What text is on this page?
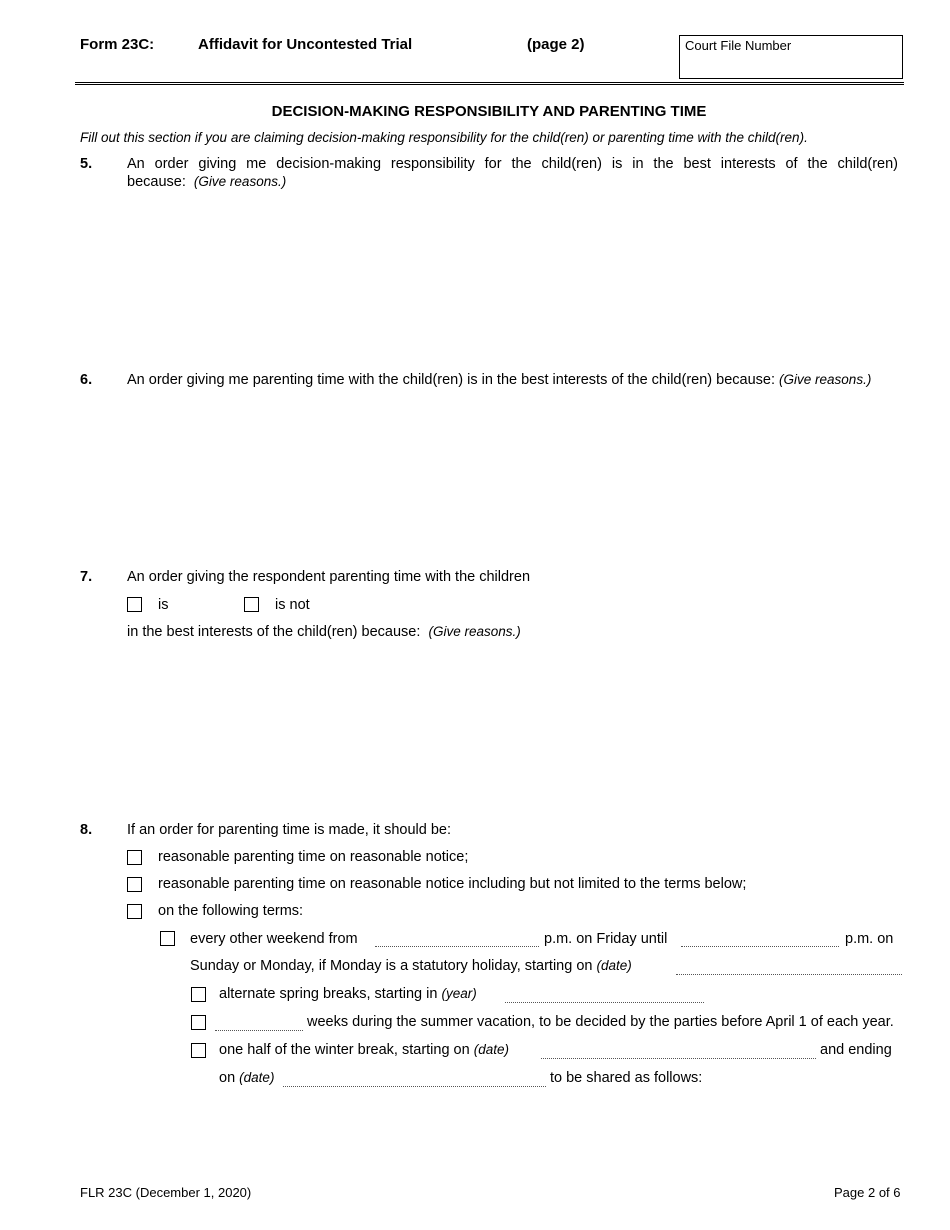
Form 23C:	Affidavit for Uncontested Trial	(page 2)	Court File Number
DECISION-MAKING RESPONSIBILITY AND PARENTING TIME
Fill out this section if you are claiming decision-making responsibility for the child(ren) or parenting time with the child(ren).
5. An order giving me decision-making responsibility for the child(ren) is in the best interests of the child(ren)
because: (Give reasons.)
6. An order giving me parenting time with the child(ren) is in the best interests of the child(ren) because: (Give reasons.)
7. An order giving the respondent parenting time with the children
is	is not
in the best interests of the child(ren) because: (Give reasons.)
8. If an order for parenting time is made, it should be:
reasonable parenting time on reasonable notice;
reasonable parenting time on reasonable notice including but not limited to the terms below;
on the following terms:
every other weekend from	p.m. on Friday until	p.m. on
Sunday or Monday, if Monday is a statutory holiday, starting on (date)
alternate spring breaks, starting in (year)
weeks during the summer vacation, to be decided by the parties before April 1 of each year.
one half of the winter break, starting on (date)	and ending
on (date)	to be shared as follows:
FLR 23C (December 1, 2020)	Page 2 of 6
